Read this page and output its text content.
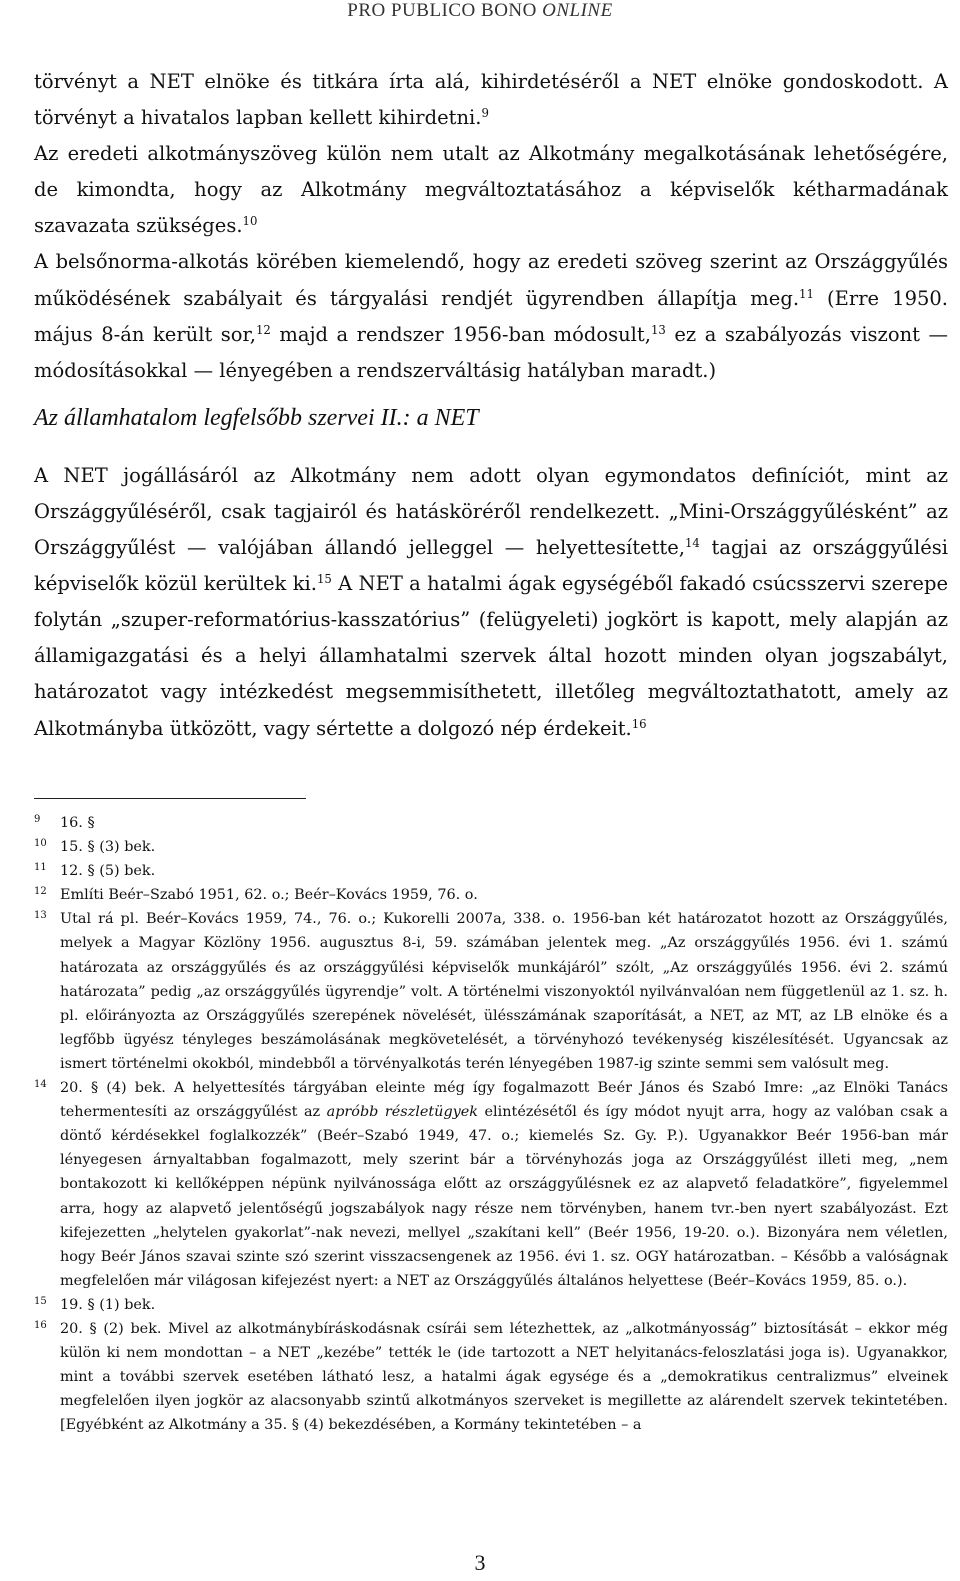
PRO PUBLICO BONO ONLINE

törvényt a NET elnöke és titkára írta alá, kihirdetéséről a NET elnöke gondoskodott. A törvényt a hivatalos lapban kellett kihirdetni.$^9$

Az eredeti alkotmányszöveg külön nem utalt az Alkotmány megalkotásának lehetőségére, de kimondta, hogy az Alkotmány megváltoztatásához a képviselők kétharmadának szavazata szükséges.$^{10}$

A belsőnorma-alkotás körében kiemelendő, hogy az eredeti szöveg szerint az Országgyűlés működésének szabályait és tárgyalási rendjét ügyrendben állapítja meg.$^{11}$ (Erre 1950. május 8-án került sor,$^{12}$ majd a rendszer 1956-ban módosult,$^{13}$ ez a szabályozás viszont — módosításokkal — lényegében a rendszerváltásig hatályban maradt.)

Az államhatalom legfelsőbb szervei II.: a NET

A NET jogállásáról az Alkotmány nem adott olyan egymondatos definíciót, mint az Országgyűléséről, csak tagjairól és hatásköréről rendelkezett. „Mini-Országgyűlésként” az Országgyűlést — valójában állandó jelleggel — helyettesítette,$^{14}$ tagjai az országgyűlési képviselők közül kerültek ki.$^{15}$ A NET a hatalmi ágak egységéből fakadó csúcsszervi szerepe folytán „szuper-reformatórius-kasszatórius” (felügyeleti) jogkört is kapott, mely alapján az államigazgatási és a helyi államhatalmi szervek által hozott minden olyan jogszabályt, határozatot vagy intézkedést megsemmisíthetett, illetőleg megváltoztathatott, amely az Alkotmányba ütközött, vagy sértette a dolgozó nép érdekeit.$^{16}$

9 16. §

10 15. § (3) bek.

11 12. § (5) bek.

12 Említi Beér–Szabó 1951, 62. o.; Beér–Kovács 1959, 76. o.

13 Utal rá pl. Beér–Kovács 1959, 74., 76. o.; Kukorelli 2007a, 338. o. 1956-ban két határozatot hozott az Országgyűlés, melyek a Magyar Közlöny 1956. augusztus 8-i, 59. számában jelentek meg. „Az országgyűlés 1956. évi 1. számú határozata az országgyűlés és az országgyűlési képviselők munkájáról” szólt, „Az országgyűlés 1956. évi 2. számú határozata” pedig „az országgyűlés ügyrendje” volt. A történelmi viszonyoktól nyilvánvalóan nem függetlenül az 1. sz. h. pl. előirányozta az Országgyűlés szerepének növelését, ülésszámának szaporítását, a NET, az MT, az LB elnöke és a legfőbb ügyész tényleges beszámolásának megkövetelését, a törvényhozó tevékenység kiszélesítését. Ugyancsak az ismert történelmi okokból, mindebből a törvényalkotás terén lényegében 1987-ig szinte semmi sem valósult meg.

14 20. § (4) bek. A helyettesítés tárgyában eleinte még így fogalmazott Beér János és Szabó Imre: „az Elnöki Tanács tehermentesíti az országgyűlést az apróbb részletügyek elintézésétől és így módot nyujt arra, hogy az valóban csak a döntő kérdésekkel foglalkozzék” (Beér–Szabó 1949, 47. o.; kiemelés Sz. Gy. P.). Ugyanakkor Beér 1956-ban már lényegesen árnyaltabban fogalmazott, mely szerint bár a törvényhozás joga az Országgyűlést illeti meg, „nem bontakozott ki kellőképpen népünk nyilvánossága előtt az országgyűlésnek ez az alapvető feladatköre”, figyelemmel arra, hogy az alapvető jelentőségű jogszabályok nagy része nem törvényben, hanem tvr.-ben nyert szabályozást. Ezt kifejezetten „helytelen gyakorlat”-nak nevezi, mellyel „szakítani kell” (Beér 1956, 19-20. o.). Bizonyára nem véletlen, hogy Beér János szavai szinte szó szerint visszacsengenek az 1956. évi 1. sz. OGY határozatban. – Később a valóságnak megfelelően már világosan kifejezést nyert: a NET az Országgyűlés általános helyettese (Beér–Kovács 1959, 85. o.).

15 19. § (1) bek.

16 20. § (2) bek. Mivel az alkotmánybíráskodásnak csírái sem létezhettek, az „alkotmányosság” biztosítását – ekkor még külön ki nem mondottan – a NET „kezébe” tették le (ide tartozott a NET helyitanács-feloszlatási joga is). Ugyanakkor, mint a további szervek esetében látható lesz, a hatalmi ágak egysége és a „demokratikus centralizmus” elveinek megfelelően ilyen jogkör az alacsonyabb szintű alkotmányos szerveket is megillette az alárendelt szervek tekintetében. [Egyébként az Alkotmány a 35. § (4) bekezdésében, a Kormány tekintetében – a

3
